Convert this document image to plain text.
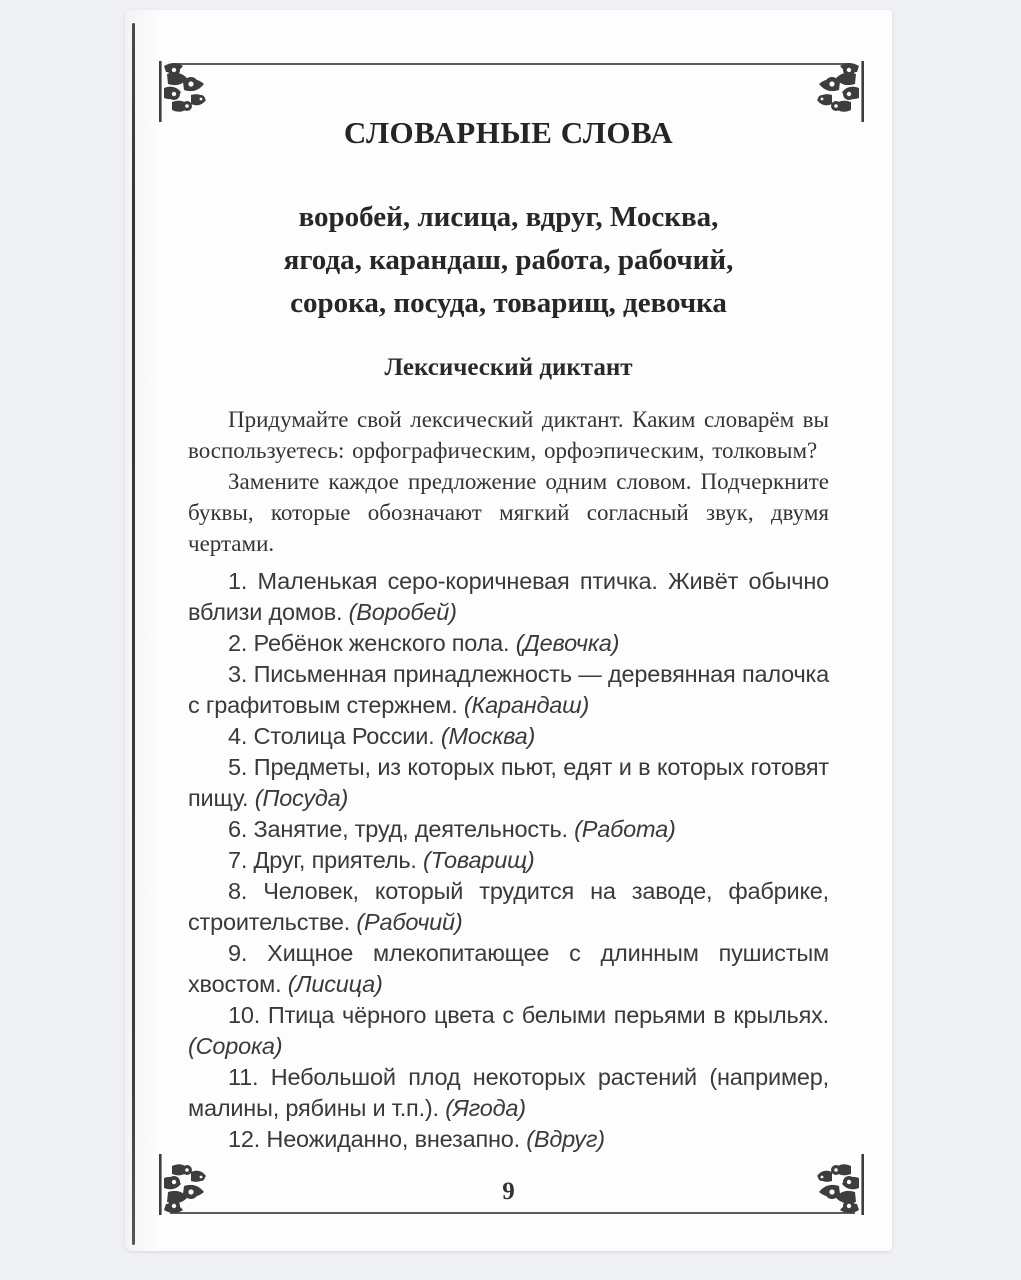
СЛОВАРНЫЕ СЛОВА
воробей, лисица, вдруг, Москва,
ягода, карандаш, работа, рабочий,
сорока, посуда, товарищ, девочка
Лексический диктант

Придумайте свой лексический диктант. Каким словарём вы воспользуетесь: орфографическим, орфоэпическим, толковым?

Замените каждое предложение одним словом. Подчеркните буквы, которые обозначают мягкий согласный звук, двумя чертами.

1. Маленькая серо-коричневая птичка. Живёт обычно вблизи домов. (Воробей)

2. Ребёнок женского пола. (Девочка)

3. Письменная принадлежность — деревянная палочка с графитовым стержнем. (Карандаш)

4. Столица России. (Москва)

5. Предметы, из которых пьют, едят и в которых готовят пищу. (Посуда)

6. Занятие, труд, деятельность. (Работа)

7. Друг, приятель. (Товарищ)

8. Человек, который трудится на заводе, фабрике, строительстве. (Рабочий)

9. Хищное млекопитающее с длинным пушистым хвостом. (Лисица)

10. Птица чёрного цвета с белыми перьями в крыльях. (Сорока)

11. Небольшой плод некоторых растений (например, малины, рябины и т.п.). (Ягода)

12. Неожиданно, внезапно. (Вдруг)

9
